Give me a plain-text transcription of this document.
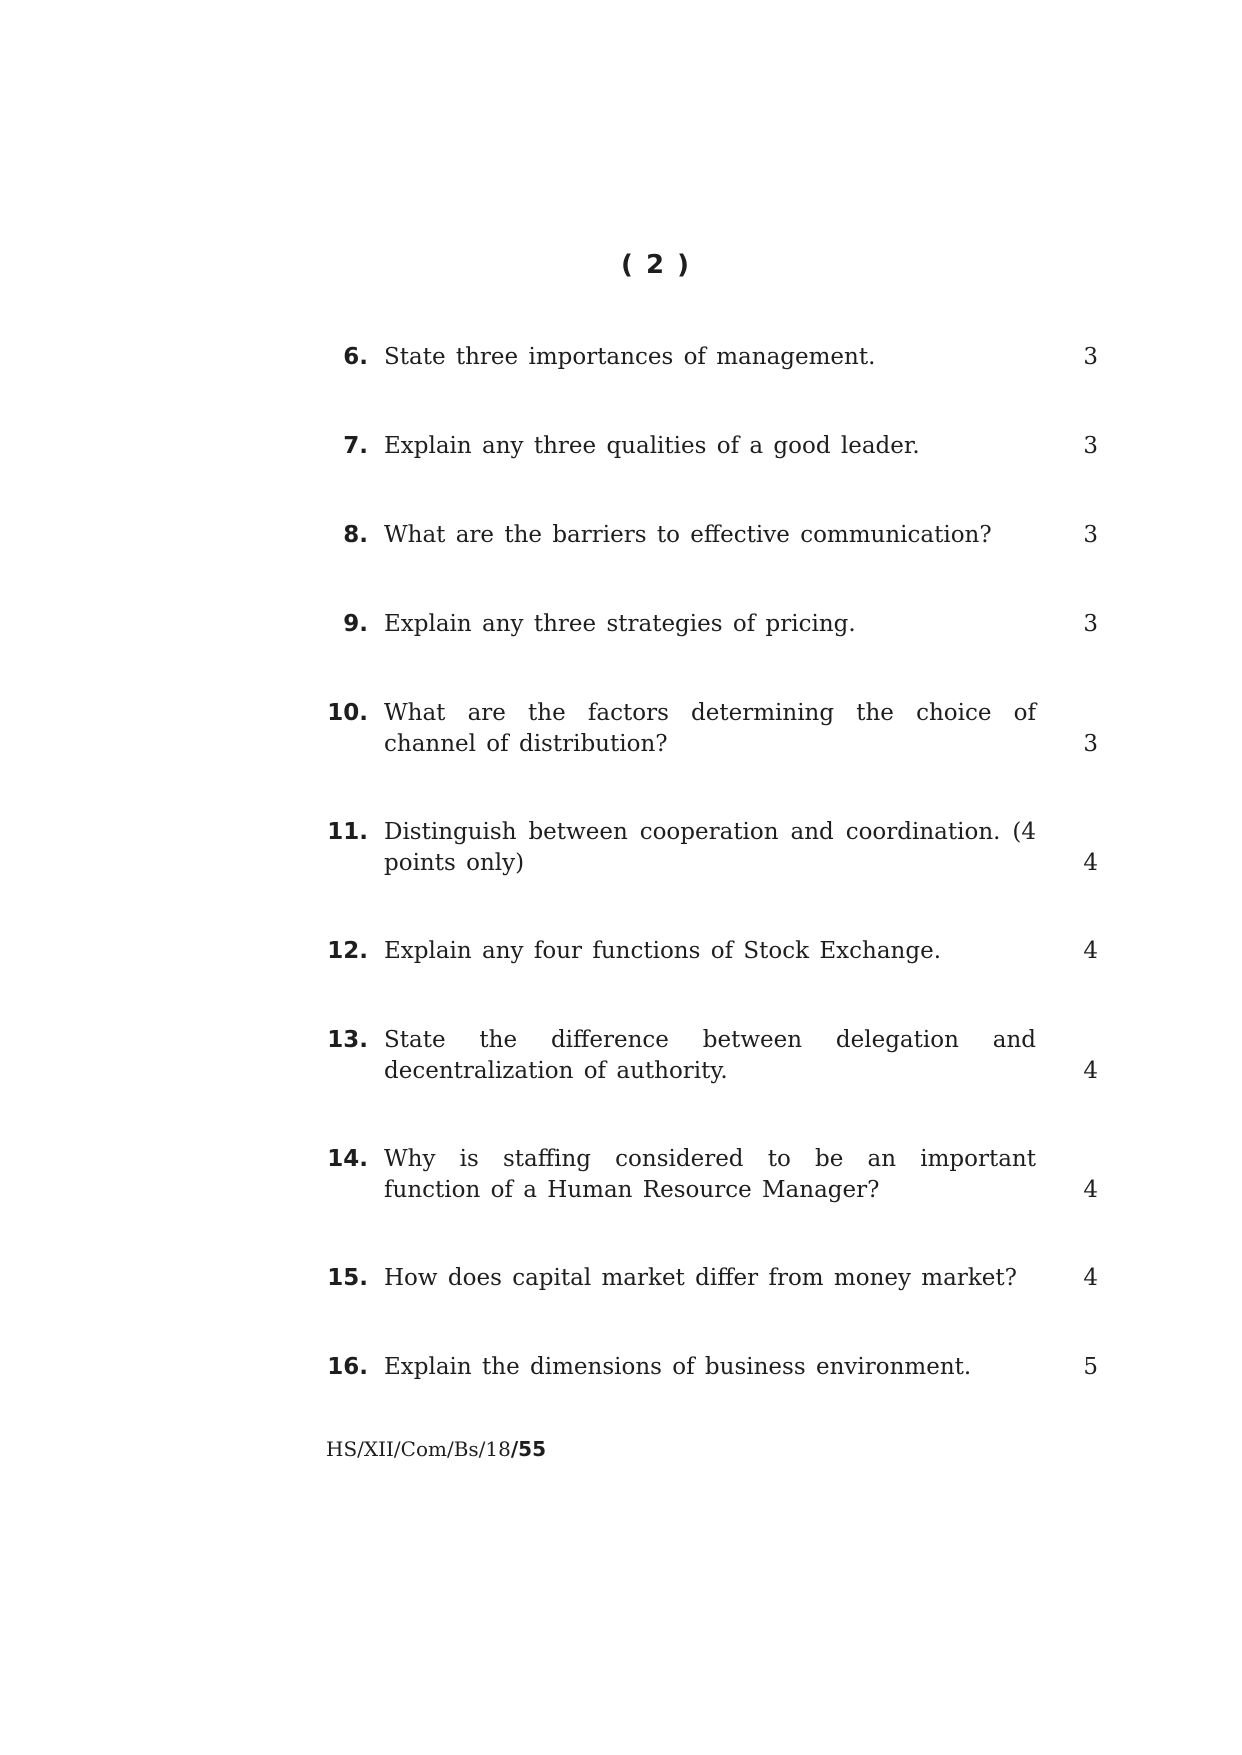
( 2 )
6. State three importances of management.	3
7. Explain any three qualities of a good leader.	3
8. What are the barriers to effective communication?	3
9. Explain any three strategies of pricing.	3
10. What are the factors determining the choice of channel of distribution?	3
11. Distinguish between cooperation and coordination. (4 points only)	4
12. Explain any four functions of Stock Exchange.	4
13. State the difference between delegation and decentralization of authority.	4
14. Why is staffing considered to be an important function of a Human Resource Manager?	4
15. How does capital market differ from money market?	4
16. Explain the dimensions of business environment.	5
HS/XII/Com/Bs/18/55
